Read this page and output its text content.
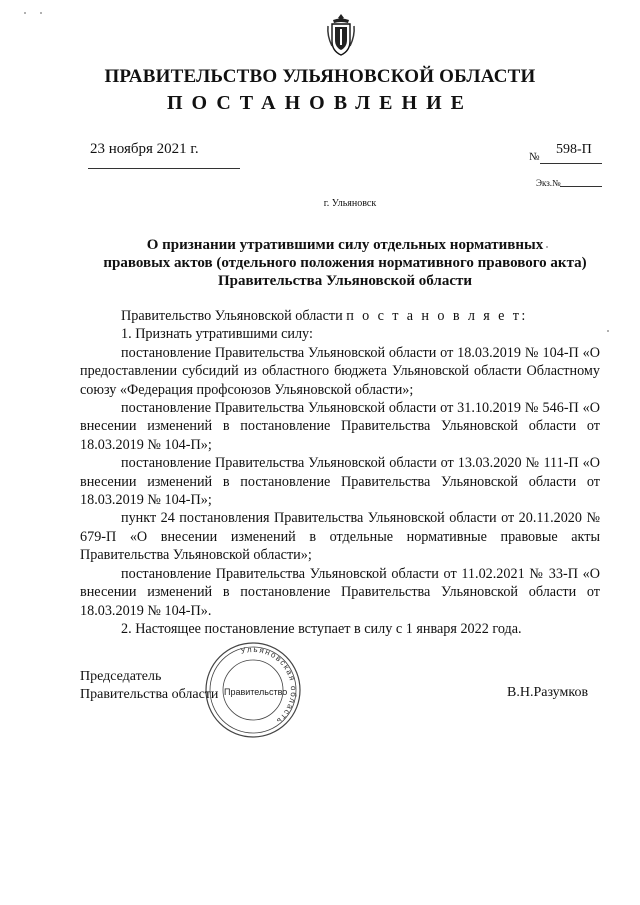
ПРАВИТЕЛЬСТВО УЛЬЯНОВСКОЙ ОБЛАСТИ
ПОСТАНОВЛЕНИЕ
23 ноября 2021 г.	№ 598-П
Экз.№
г. Ульяновск
О признании утратившими силу отдельных нормативных
правовых актов (отдельного положения нормативного правового акта)
Правительства Ульяновской области

Правительство Ульяновской области п о с т а н о в л я е т:

1. Признать утратившими силу:

постановление Правительства Ульяновской области от 18.03.2019 № 104-П «О предоставлении субсидий из областного бюджета Ульяновской области Областному союзу «Федерация профсоюзов Ульяновской области»;

постановление Правительства Ульяновской области от 31.10.2019 № 546-П «О внесении изменений в постановление Правительства Ульяновской области от 18.03.2019 № 104-П»;

постановление Правительства Ульяновской области от 13.03.2020 № 111-П «О внесении изменений в постановление Правительства Ульяновской области от 18.03.2019 № 104-П»;

пункт 24 постановления Правительства Ульяновской области от 20.11.2020 № 679-П «О внесении изменений в отдельные нормативные правовые акты Правительства Ульяновской области»;

постановление Правительства Ульяновской области от 11.02.2021 № 33-П «О внесении изменений в постановление Правительства Ульяновской области от 18.03.2019 № 104-П».

2. Настоящее постановление вступает в силу с 1 января 2022 года.

Ульяновская область
Правительство
Председатель
Правительства области	В.Н.Разумков
